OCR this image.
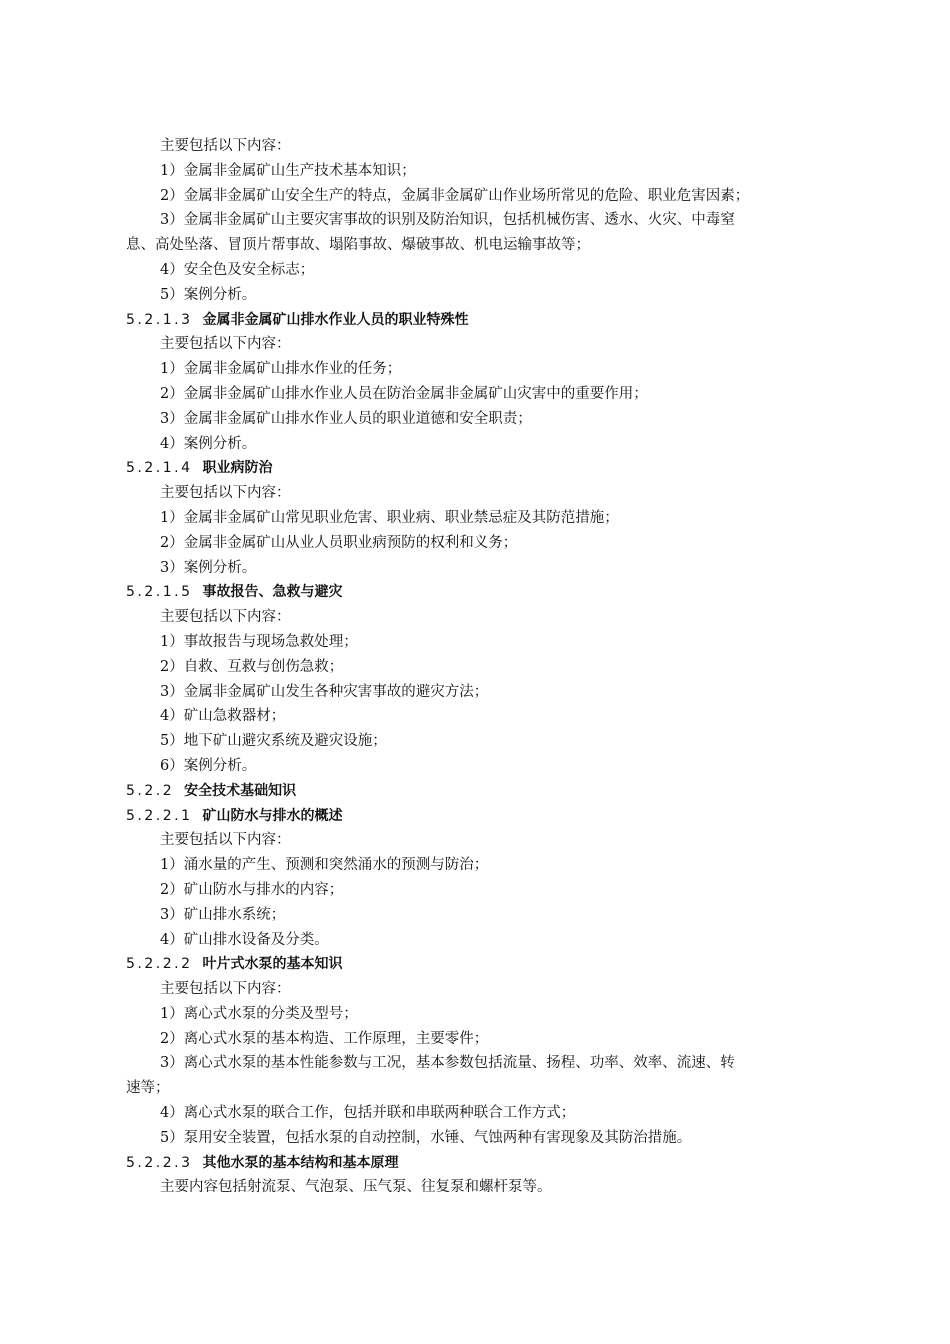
主要包括以下内容：
1）金属非金属矿山生产技术基本知识；
2）金属非金属矿山安全生产的特点，金属非金属矿山作业场所常见的危险、职业危害因素；
3）金属非金属矿山主要灾害事故的识别及防治知识，包括机械伤害、透水、火灾、中毒窒
息、高处坠落、冒顶片帮事故、塌陷事故、爆破事故、机电运输事故等；
4）安全色及安全标志；
5）案例分析。
5.2.1.3 金属非金属矿山排水作业人员的职业特殊性
主要包括以下内容：
1）金属非金属矿山排水作业的任务；
2）金属非金属矿山排水作业人员在防治金属非金属矿山灾害中的重要作用；
3）金属非金属矿山排水作业人员的职业道德和安全职责；
4）案例分析。
5.2.1.4 职业病防治
主要包括以下内容：
1）金属非金属矿山常见职业危害、职业病、职业禁忌症及其防范措施；
2）金属非金属矿山从业人员职业病预防的权利和义务；
3）案例分析。
5.2.1.5 事故报告、急救与避灾
主要包括以下内容：
1）事故报告与现场急救处理；
2）自救、互救与创伤急救；
3）金属非金属矿山发生各种灾害事故的避灾方法；
4）矿山急救器材；
5）地下矿山避灾系统及避灾设施；
6）案例分析。
5.2.2 安全技术基础知识
5.2.2.1 矿山防水与排水的概述
主要包括以下内容：
1）涌水量的产生、预测和突然涌水的预测与防治；
2）矿山防水与排水的内容；
3）矿山排水系统；
4）矿山排水设备及分类。
5.2.2.2 叶片式水泵的基本知识
主要包括以下内容：
1）离心式水泵的分类及型号；
2）离心式水泵的基本构造、工作原理，主要零件；
3）离心式水泵的基本性能参数与工况，基本参数包括流量、扬程、功率、效率、流速、转
速等；
4）离心式水泵的联合工作，包括并联和串联两种联合工作方式；
5）泵用安全装置，包括水泵的自动控制，水锤、气蚀两种有害现象及其防治措施。
5.2.2.3 其他水泵的基本结构和基本原理
主要内容包括射流泵、气泡泵、压气泵、往复泵和螺杆泵等。
